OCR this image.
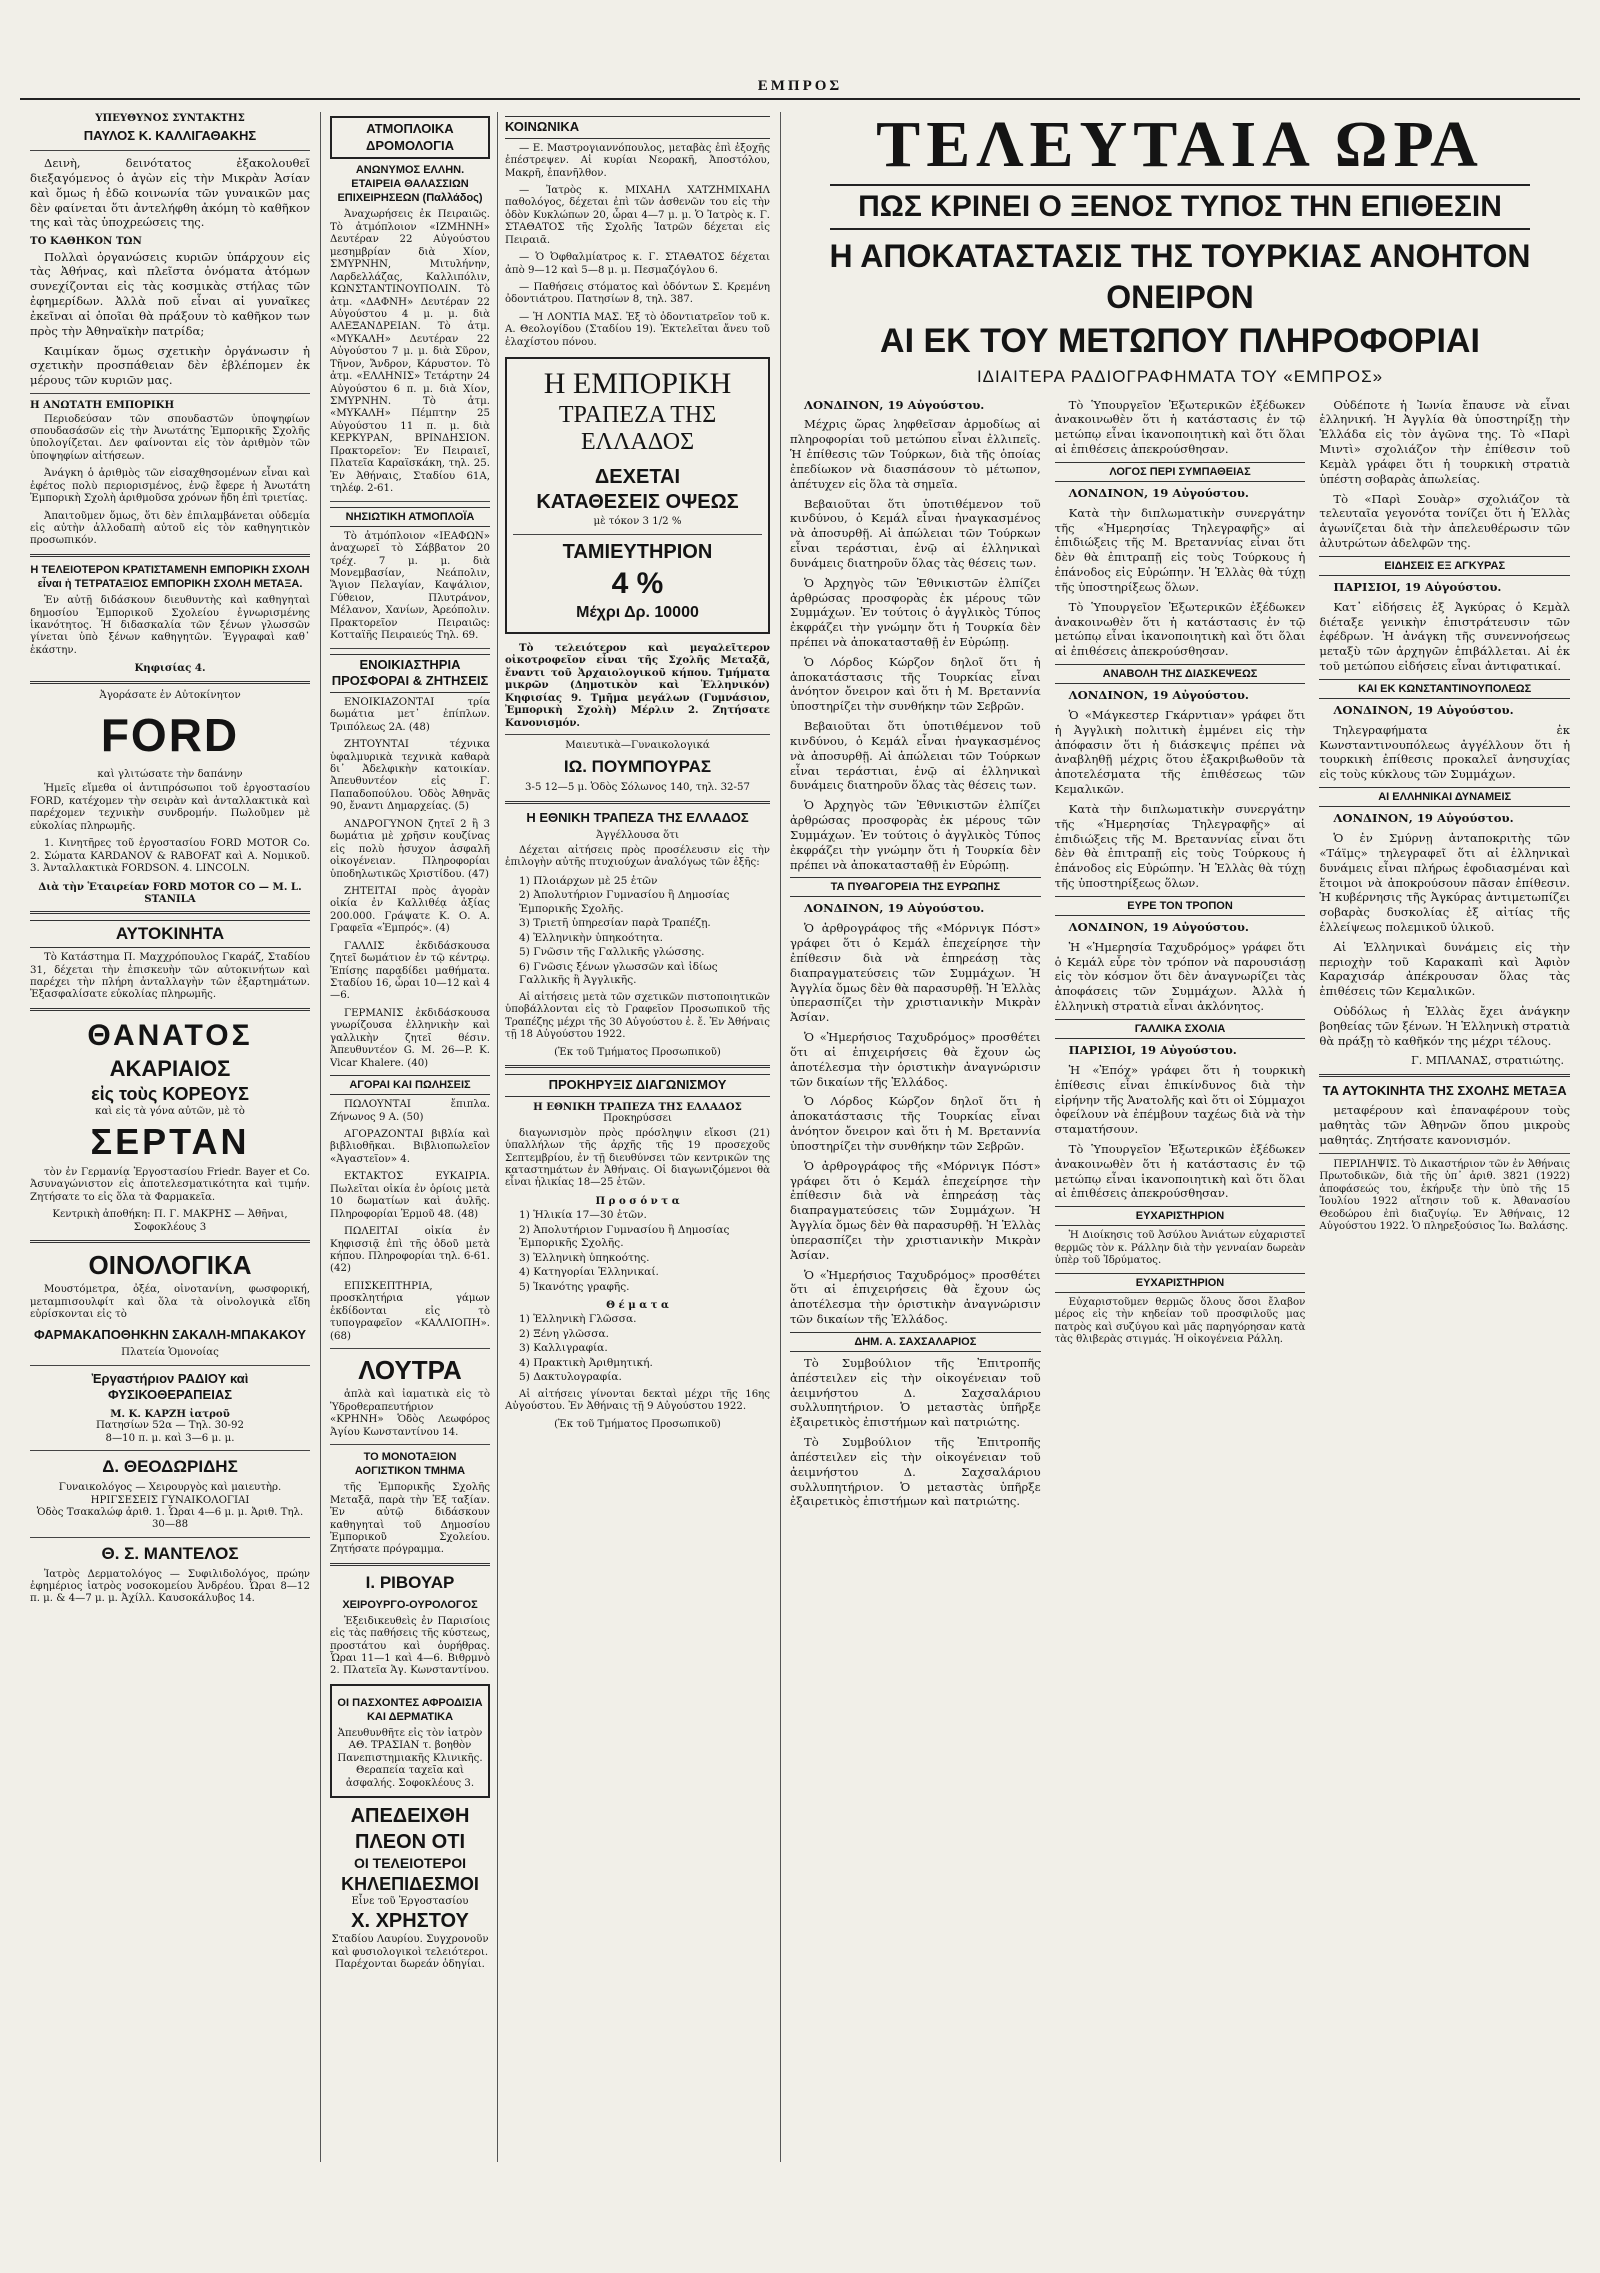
ΕΜΠΡΟΣ

ΥΠΕΥΘΥΝΟΣ ΣΥΝΤΑΚΤΗΣ

ΠΑΥΛΟΣ Κ. ΚΑΛΛΙΓΑΘΑΚΗΣ

Δεινὴ, δεινότατος ἐξακολουθεῖ διεξαγόμενος ὁ ἀγὼν εἰς τὴν Μικρὰν Ἀσίαν καὶ ὅμως ἡ ἐδῶ κοινωνία τῶν γυναικῶν μας δὲν φαίνεται ὅτι ἀντελήφθη ἀκόμη τὸ καθῆκον της καὶ τὰς ὑποχρεώσεις της.

ΤΟ ΚΑΘΗΚΟΝ ΤΩΝ

Πολλαὶ ὀργανώσεις κυριῶν ὑπάρχουν εἰς τὰς Ἀθήνας, καὶ πλεῖστα ὀνόματα ἀτόμων συνεχίζονται εἰς τὰς κοσμικὰς στήλας τῶν ἐφημερίδων. Ἀλλὰ ποῦ εἶναι αἱ γυναῖκες ἐκεῖναι αἱ ὁποῖαι θὰ πράξουν τὸ καθῆκον των πρὸς τὴν Ἀθηναϊκὴν πατρίδα;

Καιμίκαν ὅμως σχετικὴν ὀργάνωσιν ἡ σχετικὴν προσπάθειαν δὲν ἐβλέπομεν ἐκ μέρους τῶν κυριῶν μας.

Η ΑΝΩΤΑΤΗ ΕΜΠΟΡΙΚΗ

Περιοδεύσαν τῶν σπουδαστῶν ὑποψηφίων σπουδασάσῶν εἰς τὴν Ἀνωτάτης Ἐμπορικῆς Σχολῆς ὑπολογίζεται. Δεν φαίνονται εἰς τὸν ἀριθμὸν τῶν ὑποψηφίων αἰτήσεων.

Ἀνάγκη ὁ ἀριθμὸς τῶν εἰσαχθησομένων εἶναι καὶ ἐφέτος πολὺ περιορισμένος, ἐνῷ ἔφερε ἡ Ἀνωτάτη Ἐμπορικὴ Σχολὴ ἀριθμοῦσα χρόνων ἤδη ἐπὶ τριετίας.

Ἀπαιτοῦμεν ὅμως, ὅτι δὲν ἐπιλαμβάνεται οὐδεμία εἰς αὐτὴν ἀλλοδαπὴ αὐτοῦ εἰς τὸν καθηγητικὸν προσωπικόν.

Η ΤΕΛΕΙΟΤΕΡΟΝ ΚΡΑΤΙΣΤΑΜΕΝΗ ΕΜΠΟΡΙΚΗ ΣΧΟΛΗ εἶναι ἡ ΤΕΤΡΑΤΑΞΙΟΣ ΕΜΠΟΡΙΚΗ ΣΧΟΛΗ ΜΕΤΑΞΑ.

Ἐν αὐτῇ διδάσκουν διευθυντὴς καὶ καθηγηταὶ δημοσίου Ἐμπορικοῦ Σχολείου ἐγνωρισμένης ἱκανότητος. Ἡ διδασκαλία τῶν ξένων γλωσσῶν γίνεται ὑπὸ ξένων καθηγητῶν. Ἐγγραφαὶ καθ᾽ ἑκάστην.

Κηφισίας 4.

Ἀγοράσατε ἐν Αὐτοκίνητον

FORD

καὶ γλιτώσατε τὴν δαπάνην

Ἡμεῖς εἴμεθα οἱ ἀντιπρόσωποι τοῦ ἐργοστασίου FORD, κατέχομεν τὴν σειρὰν καὶ ἀνταλλακτικὰ καὶ παρέχομεν τεχνικὴν συνδρομήν. Πωλοῦμεν μὲ εὐκολίας πληρωμῆς.

1. Κινητῆρες τοῦ ἐργοστασίου FORD MOTOR Co. 2. Σώματα KARDANOV & RABOFAT καὶ Α. Νομικοῦ. 3. Ἀνταλλακτικὰ FORDSON. 4. LINCOLN.

Διὰ τὴν Ἑταιρείαν FORD MOTOR CO — Μ. L. STANILA

ΑΥΤΟΚΙΝΗΤΑ

Τὸ Κατάστημα Π. Μαχχρόπουλος Γκαράζ, Σταδίου 31, δέχεται τὴν ἐπισκευὴν τῶν αὐτοκινήτων καὶ παρέχει τὴν πλήρη ἀνταλλαγὴν τῶν ἐξαρτημάτων. Ἐξασφαλίσατε εὐκολίας πληρωμῆς.

ΘΑΝΑΤΟΣ

ΑΚΑΡΙΑΙΟΣ

εἰς τοὺς ΚΟΡΕΟΥΣ

καὶ εἰς τὰ γόνα αὐτῶν, μὲ τὸ

ΣΕΡΤΑΝ

τὸν ἐν Γερμανίᾳ Ἐργοστασίου Friedr. Bayer et Co. Ἀσυναγώνιστον εἰς ἀποτελεσματικότητα καὶ τιμήν. Ζητήσατε το εἰς ὅλα τὰ Φαρμακεῖα.

Κεντρικὴ ἀποθήκη: Π. Γ. ΜΑΚΡΗΣ — Ἀθῆναι, Σοφοκλέους 3

ΟΙΝΟΛΟΓΙΚΑ

Μουστόμετρα, ὀξέα, οἰνοτανίνη, φωσφορική, μεταμπισουλφίτ καὶ ὅλα τὰ οἰνολογικὰ εἴδη εὑρίσκονται εἰς τὸ

ΦΑΡΜΑΚΑΠΟΘΗΚΗΝ ΣΑΚΑΛΗ-ΜΠΑΚΑΚΟΥ

Πλατεία Ὁμονοίας

Ἐργαστήριον ΡΑΔΙΟΥ καὶ ΦΥΣΙΚΟΘΕΡΑΠΕΙΑΣ

Μ. Κ. ΚΑΡΖΗ ἰατροῦ

Πατησίων 52α — Τηλ. 30-92

8—10 π. μ. καὶ 3—6 μ. μ.

Δ. ΘΕΟΔΩΡΙΔΗΣ

Γυναικολόγος — Χειρουργὸς καὶ μαιευτὴρ. ΗΡΙΓΣΕΣΕΙΣ ΓΥΝΑΙΚΟΛΟΓΙΑΙ

Ὁδὸς Τσακαλώφ ἀριθ. 1. Ὧραι 4—6 μ. μ. Ἀριθ. Τηλ. 30—88

Θ. Σ. ΜΑΝΤΕΛΟΣ

Ἰατρὸς Δερματολόγος — Συφιλιδολόγος, πρώην ἐφημέριος ἰατρὸς νοσοκομείου Ἀνδρέου. Ὧραι 8—12 π. μ. & 4—7 μ. μ. Ἀχίλλ. Καυσοκάλυβος 14.

ΑΤΜΟΠΛΟΙΚΑ ΔΡΟΜΟΛΟΓΙΑ

ΑΝΩΝΥΜΟΣ ΕΛΛΗΝ. ΕΤΑΙΡΕΙΑ ΘΑΛΑΣΣΙΩΝ ΕΠΙΧΕΙΡΗΣΕΩΝ (Παλλάδος)

Ἀναχωρήσεις ἐκ Πειραιῶς. Τὸ ἀτμόπλοιον «ΙΖΜΗΝΗ» Δευτέραν 22 Αὐγούστου μεσημβρίαν διὰ Χίον, ΣΜΥΡΝΗΝ, Μιτυλήνην, Λαρδελλάζας, Καλλιπόλιν, ΚΩΝΣΤΑΝΤΙΝΟΥΠΟΛΙΝ. Τὸ ἀτμ. «ΔΑΦΝΗ» Δευτέραν 22 Αὐγούστου 4 μ. μ. διὰ ΑΛΕΞΑΝΔΡΕΙΑΝ. Τὸ ἀτμ. «ΜΥΚΑΛΗ» Δευτέραν 22 Αὐγούστου 7 μ. μ. διὰ Σῦρον, Τῆνον, Ἄνδρον, Κάρυστον. Τὸ ἀτμ. «ΕΛΛΗΝΙΣ» Τετάρτην 24 Αὐγούστου 6 π. μ. διὰ Χίον, ΣΜΥΡΝΗΝ. Τὸ ἀτμ. «ΜΥΚΑΛΗ» Πέμπτην 25 Αὐγούστου 11 π. μ. διὰ ΚΕΡΚΥΡΑΝ, ΒΡΙΝΔΗΣΙΟΝ. Πρακτορεῖον: Ἐν Πειραιεῖ, Πλατεῖα Καραϊσκάκη, τηλ. 25. Ἐν Ἀθήναις, Σταδίου 61Α, τηλέφ. 2-61.

ΝΗΣΙΩΤΙΚΗ ΑΤΜΟΠΛΟΪΑ

Τὸ ἀτμόπλοιον «ΙΕΑΦΩΝ» ἀναχωρεῖ τὸ Σάββατον 20 τρέχ. 7 μ. μ. διὰ Μονεμβασίαν, Νεάπολιν, Ἅγιον Πελαγίαν, Καψάλιον, Γύθειον, Πλυτράνον, Μέλανον, Χανίων, Ἀρεόπολιν. Πρακτορεῖον Πειραιῶς: Κοτταϊῆς Πειραιεύς Τηλ. 69.

ΕΝΟΙΚΙΑΣΤΗΡΙΑ ΠΡΟΣΦΟΡΑΙ & ΖΗΤΗΣΕΙΣ

ΕΝΟΙΚΙΑΖΟΝΤΑΙ τρία δωμάτια μετ᾽ ἐπίπλων. Τριπόλεως 2Α. (48)

ΖΗΤΟΥΝΤΑΙ τέχνικα ὑφαλμυρικὰ τεχνικὰ καθαρὰ δι᾽ Ἀδελφικὴν κατοικίαν. Ἀπευθυντέον εἰς Γ. Παπαδοπούλου. Ὁδὸς Ἀθηνᾶς 90, ἔναντι Δημαρχείας. (5)

ΑΝΔΡΟΓΥΝΟΝ ζητεῖ 2 ἢ 3 δωμάτια μὲ χρῆσιν κουζίνας εἰς πολὺ ἡσυχον ἀσφαλῆ οἰκογένειαν. Πληροφορίαι ὑποδηλωτικῶς Χριστίδου. (47)

ΖΗΤΕΙΤΑΙ πρὸς ἀγορὰν οἰκία ἐν Καλλιθέᾳ ἀξίας 200.000. Γράψατε Κ. Ο. Α. Γραφεῖα «Ἐμπρός». (4)

ΓΑΛΛΙΣ ἐκδιδάσκουσα ζητεῖ δωμάτιον ἐν τῷ κέντρῳ. Ἐπίσης παραδίδει μαθήματα. Σταδίου 16, ὧραι 10—12 καὶ 4—6.

ΓΕΡΜΑΝΙΣ ἐκδιδάσκουσα γνωρίζουσα ἑλληνικὴν καὶ γαλλικὴν ζητεῖ θέσιν. Ἀπευθυντέον G. M. 26—P. K. Vicar Khalere. (40)

ΑΓΟΡΑΙ ΚΑΙ ΠΩΛΗΣΕΙΣ

ΠΩΛΟΥΝΤΑΙ ἔπιπλα. Ζήνωνος 9 Α. (50)

ΑΓΟΡΑΖΟΝΤΑΙ βιβλία καὶ βιβλιοθῆκαι. Βιβλιοπωλεῖον «Ἀγαστεῖον» 4.

ΕΚΤΑΚΤΟΣ ΕΥΚΑΙΡΙΑ. Πωλεῖται οἰκία ἐν ὁρίοις μετὰ 10 δωματίων καὶ ἀυλῆς. Πληροφορίαι Ἐρμοῦ 48. (48)

ΠΩΛΕΙΤΑΙ οἰκία ἐν Κηφισσιᾷ ἐπὶ τῆς ὁδοῦ μετὰ κήπου. Πληροφορίαι τηλ. 6-61. (42)

ΕΠΙΣΚΕΠΤΗΡΙΑ, προσκλητήρια γάμων ἐκδίδονται εἰς τὸ τυπογραφεῖον «ΚΑΛΛΙΟΠΗ». (68)

ΛΟΥΤΡΑ

ἁπλὰ καὶ ἰαματικὰ εἰς τὸ Ὑδροθεραπευτήριον «ΚΡΗΝΗ» Ὁδὸς Λεωφόρος Ἀγίου Κωνσταντίνου 14.

ΤΟ ΜΟΝΟΤΑΞΙΟΝ ΑΟΓΙΣΤΙΚΟΝ ΤΜΗΜΑ

τῆς Ἐμπορικῆς Σχολῆς Μεταξᾶ, παρὰ τὴν Ἐξ ταξίαν. Ἐν αὐτῷ διδάσκουν καθηγηταὶ τοῦ Δημοσίου Ἐμπορικοῦ Σχολείου. Ζητήσατε πρόγραμμα.

Ι. ΡΙΒΟΥΑΡ

ΧΕΙΡΟΥΡΓΟ-ΟΥΡΟΛΟΓΟΣ

Ἐξειδικευθεὶς ἐν Παρισίοις εἰς τὰς παθήσεις τῆς κύστεως, προστάτου καὶ ὀυρήθρας. Ὧραι 11—1 καὶ 4—6. Βιθρμνὸ 2. Πλατεῖα Ἁγ. Κωνσταντίνου.

ΟΙ ΠΑΣΧΟΝΤΕΣ ΑΦΡΟΔΙΣΙΑ ΚΑΙ ΔΕΡΜΑΤΙΚΑ

Ἀπευθυνθῆτε εἰς τὸν ἰατρὸν ΑΘ. ΤΡΑΣΙΑΝ τ. βοηθὸν Πανεπιστημιακῆς Κλινικῆς. Θεραπεία ταχεῖα καὶ ἀσφαλής. Σοφοκλέους 3.

ΑΠΕΔΕΙΧΘΗ

ΠΛΕΟΝ ΟΤΙ

ΟΙ ΤΕΛΕΙΟΤΕΡΟΙ

ΚΗΛΕΠΙΔΕΣΜΟΙ

Εἶνε τοῦ Ἐργοστασίου

Χ. ΧΡΗΣΤΟΥ

Σταδίου Λαυρίου. Συγχρονοῦν καὶ φυσιολογικοὶ τελειότεροι. Παρέχονται δωρεάν ὁδηγίαι.

ΚΟΙΝΩΝΙΚΑ

— Ε. Μαστρογιαννόπουλος, μεταβὰς ἐπὶ ἐξοχῆς ἐπέστρεψεν. Αἱ κυρίαι Νεορακῆ, Ἀποστόλου, Μακρῆ, ἐπανῆλθον.

— Ἰατρὸς κ. ΜΙΧΑΗΛ ΧΑΤΖΗΜΙΧΑΗΛ παθολόγος, δέχεται ἐπὶ τῶν ἀσθενῶν του εἰς τὴν ὁδὸν Κυκλώπων 20, ὧραι 4—7 μ. μ. Ὁ Ἰατρὸς κ. Γ. ΣΤΑΘΑΤΟΣ τῆς Σχολῆς Ἰατρῶν δέχεται εἰς Πειραιᾶ.

— Ὁ Ὀφθαλμίατρος κ. Γ. ΣΤΑΘΑΤΟΣ δέχεται ἀπὸ 9—12 καὶ 5—8 μ. μ. Πεσμαζόγλου 6.

— Παθήσεις στόματος καὶ ὀδόντων Σ. Κρεμένη ὀδοντιάτρου. Πατησίων 8, τηλ. 387.

— Ἡ ΛΟΝΤΙΑ ΜΑΣ. Ἐξ τὸ ὀδοντιατρεῖον τοῦ κ. Α. Θεολογίδου (Σταδίου 19). Ἐκτελεῖται ἄνευ τοῦ ἐλαχίστου πόνου.

Η ΕΜΠΟΡΙΚΗ
ΤΡΑΠΕΖΑ ΤΗΣ ΕΛΛΑΔΟΣ
ΔΕΧΕΤΑΙ
ΚΑΤΑΘΕΣΕΙΣ ΟΨΕΩΣ
μὲ τόκον 3 1/2 %
ΤΑΜΙΕΥΤΗΡΙΟΝ
4 %
Μέχρι Δρ. 10000

Τὸ τελειότερον καὶ μεγαλεῖτερον οἰκοτροφεῖον εἶναι τῆς Σχολῆς Μεταξᾶ, ἔναντι τοῦ Ἀρχαιολογικοῦ κήπου. Τμήματα μικρῶν (Δημοτικὸν καὶ Ἑλληνικόν) Κηφισίας 9. Τμῆμα μεγάλων (Γυμνάσιον, Ἐμπορικὴ Σχολὴ) Μέρλιν 2. Ζητήσατε Κανονισμόν.

Μαιευτικὰ—Γυναικολογικά

ΙΩ. ΠΟΥΜΠΟΥΡΑΣ

3-5 12—5 μ. Ὁδὸς Σόλωνος 140, τηλ. 32-57

Η ΕΘΝΙΚΗ ΤΡΑΠΕΖΑ ΤΗΣ ΕΛΛΑΔΟΣ

Ἀγγέλλουσα ὅτι

Δέχεται αἰτήσεις πρὸς προσέλευσιν εἰς τὴν ἐπιλογὴν αὐτῆς πτυχιούχων ἀναλόγως τῶν ἑξῆς:

1) Πλοιάρχων μὲ 25 ἐτῶν
2) Ἀπολυτήριον Γυμνασίου ἢ Δημοσίας Ἐμπορικῆς Σχολῆς.
3) Τριετῆ ὑπηρεσίαν παρὰ Τραπέζῃ.
4) Ἑλληνικὴν ὑπηκοότητα.
5) Γνῶσιν τῆς Γαλλικῆς γλώσσης.
6) Γνῶσις ξένων γλωσσῶν καὶ ἰδίως Γαλλικῆς ἢ Ἀγγλικῆς.

Αἱ αἰτήσεις μετὰ τῶν σχετικῶν πιστοποιητικῶν ὑποβάλλονται εἰς τὸ Γραφεῖον Προσωπικοῦ τῆς Τραπέζης μέχρι τῆς 30 Αὐγούστου ἐ. ἔ. Ἐν Ἀθήναις τῇ 18 Αὐγούστου 1922.

(Ἐκ τοῦ Τμήματος Προσωπικοῦ)

ΠΡΟΚΗΡΥΞΙΣ ΔΙΑΓΩΝΙΣΜΟΥ

Η ΕΘΝΙΚΗ ΤΡΑΠΕΖΑ ΤΗΣ ΕΛΛΑΔΟΣ

Προκηρύσσει

διαγωνισμὸν πρὸς πρόσληψιν εἴκοσι (21) ὑπαλλήλων τῆς ἀρχῆς τῆς 19 προσεχοῦς Σεπτεμβρίου, ἐν τῇ διευθύνσει τῶν κεντρικῶν της καταστημάτων ἐν Ἀθήναις. Οἱ διαγωνιζόμενοι θὰ εἶναι ἡλικίας 18—25 ἐτῶν.

Π ρ ο σ ό ν τ α

1) Ἡλικία 17—30 ἐτῶν.
2) Ἀπολυτήριον Γυμνασίου ἢ Δημοσίας Ἐμπορικῆς Σχολῆς.
3) Ἑλληνικὴ ὑπηκοότης.
4) Κατηγορίαι Ἑλληνικαί.
5) Ἱκανότης γραφῆς.

Θ έ μ α τ α

1) Ἑλληνικὴ Γλῶσσα.
2) Ξένη γλῶσσα.
3) Καλλιγραφία.
4) Πρακτικὴ Ἀριθμητική.
5) Δακτυλογραφία.

Αἱ αἰτήσεις γίνονται δεκταὶ μέχρι τῆς 16ης Αὐγούστου. Ἐν Ἀθήναις τῇ 9 Αὐγούστου 1922.

(Ἐκ τοῦ Τμήματος Προσωπικοῦ)

ΤΕΛΕΥΤΑΙΑ ΩΡΑ
ΠΩΣ ΚΡΙΝΕΙ Ο ΞΕΝΟΣ ΤΥΠΟΣ ΤΗΝ ΕΠΙΘΕΣΙΝ

Η ΑΠΟΚΑΤΑΣΤΑΣΙΣ ΤΗΣ ΤΟΥΡΚΙΑΣ ΑΝΟΗΤΟΝ ΟΝΕΙΡΟΝ

ΑΙ ΕΚ ΤΟΥ ΜΕΤΩΠΟΥ ΠΛΗΡΟΦΟΡΙΑΙ

ΙΔΙΑΙΤΕΡΑ ΡΑΔΙΟΓΡΑΦΗΜΑΤΑ ΤΟΥ «ΕΜΠΡΟΣ»

ΛΟΝΔΙΝΟΝ, 19 Αὐγούστου.

Μέχρις ὥρας ληφθεῖσαν ἀρμοδίως αἱ πληροφορίαι τοῦ μετώπου εἶναι ἐλλιπεῖς. Ἡ ἐπίθεσις τῶν Τούρκων, διὰ τῆς ὁποίας ἐπεδίωκον νὰ διασπάσουν τὸ μέτωπον, ἀπέτυχεν εἰς ὅλα τὰ σημεῖα.

Βεβαιοῦται ὅτι ὑποτιθέμενον τοῦ κινδύνου, ὁ Κεμάλ εἶναι ἠναγκασμένος νὰ ἀποσυρθῇ. Αἱ ἀπώλειαι τῶν Τούρκων εἶναι τεράστιαι, ἐνῷ αἱ ἑλληνικαὶ δυνάμεις διατηροῦν ὅλας τὰς θέσεις των.

Ὁ Ἀρχηγὸς τῶν Ἐθνικιστῶν ἐλπίζει ἀρθρώσας προσφορὰς ἐκ μέρους τῶν Συμμάχων. Ἐν τούτοις ὁ ἀγγλικὸς Τύπος ἐκφράζει τὴν γνώμην ὅτι ἡ Τουρκία δὲν πρέπει νὰ ἀποκατασταθῇ ἐν Εὐρώπῃ.

Ὁ Λόρδος Κώρζον δηλοῖ ὅτι ἡ ἀποκατάστασις τῆς Τουρκίας εἶναι ἀνόητον ὄνειρον καὶ ὅτι ἡ Μ. Βρεταννία ὑποστηρίζει τὴν συνθήκην τῶν Σεβρῶν.

Βεβαιοῦται ὅτι ὑποτιθέμενον τοῦ κινδύνου, ὁ Κεμάλ εἶναι ἠναγκασμένος νὰ ἀποσυρθῇ. Αἱ ἀπώλειαι τῶν Τούρκων εἶναι τεράστιαι, ἐνῷ αἱ ἑλληνικαὶ δυνάμεις διατηροῦν ὅλας τὰς θέσεις των.

Ὁ Ἀρχηγὸς τῶν Ἐθνικιστῶν ἐλπίζει ἀρθρώσας προσφορὰς ἐκ μέρους τῶν Συμμάχων. Ἐν τούτοις ὁ ἀγγλικὸς Τύπος ἐκφράζει τὴν γνώμην ὅτι ἡ Τουρκία δὲν πρέπει νὰ ἀποκατασταθῇ ἐν Εὐρώπῃ.

ΤΑ ΠΥΘΑΓΟΡΕΙΑ ΤΗΣ ΕΥΡΩΠΗΣ

ΛΟΝΔΙΝΟΝ, 19 Αὐγούστου.

Ὁ ἀρθρογράφος τῆς «Μόρνιγκ Πόστ» γράφει ὅτι ὁ Κεμάλ ἐπεχείρησε τὴν ἐπίθεσιν διὰ νὰ ἐπηρεάσῃ τὰς διαπραγματεύσεις τῶν Συμμάχων. Ἡ Ἀγγλία ὅμως δὲν θὰ παρασυρθῇ. Ἡ Ἑλλὰς ὑπερασπίζει τὴν χριστιανικὴν Μικρὰν Ἀσίαν.

Ὁ «Ἡμερήσιος Ταχυδρόμος» προσθέτει ὅτι αἱ ἐπιχειρήσεις θὰ ἔχουν ὡς ἀποτέλεσμα τὴν ὁριστικὴν ἀναγνώρισιν τῶν δικαίων τῆς Ἑλλάδος.

Ὁ Λόρδος Κώρζον δηλοῖ ὅτι ἡ ἀποκατάστασις τῆς Τουρκίας εἶναι ἀνόητον ὄνειρον καὶ ὅτι ἡ Μ. Βρεταννία ὑποστηρίζει τὴν συνθήκην τῶν Σεβρῶν.

Ὁ ἀρθρογράφος τῆς «Μόρνιγκ Πόστ» γράφει ὅτι ὁ Κεμάλ ἐπεχείρησε τὴν ἐπίθεσιν διὰ νὰ ἐπηρεάσῃ τὰς διαπραγματεύσεις τῶν Συμμάχων. Ἡ Ἀγγλία ὅμως δὲν θὰ παρασυρθῇ. Ἡ Ἑλλὰς ὑπερασπίζει τὴν χριστιανικὴν Μικρὰν Ἀσίαν.

Ὁ «Ἡμερήσιος Ταχυδρόμος» προσθέτει ὅτι αἱ ἐπιχειρήσεις θὰ ἔχουν ὡς ἀποτέλεσμα τὴν ὁριστικὴν ἀναγνώρισιν τῶν δικαίων τῆς Ἑλλάδος.

ΔΗΜ. Α. ΣΑΧΣΑΛΑΡΙΟΣ

Τὸ Συμβούλιον τῆς Ἐπιτροπῆς ἀπέστειλεν εἰς τὴν οἰκογένειαν τοῦ ἀειμνήστου Δ. Σαχσαλάριου συλλυπητήριον. Ὁ μεταστὰς ὑπῆρξε ἐξαιρετικὸς ἐπιστήμων καὶ πατριώτης.

Τὸ Συμβούλιον τῆς Ἐπιτροπῆς ἀπέστειλεν εἰς τὴν οἰκογένειαν τοῦ ἀειμνήστου Δ. Σαχσαλάριου συλλυπητήριον. Ὁ μεταστὰς ὑπῆρξε ἐξαιρετικὸς ἐπιστήμων καὶ πατριώτης.

Τὸ Ὑπουργεῖον Ἐξωτερικῶν ἐξέδωκεν ἀνακοινωθὲν ὅτι ἡ κατάστασις ἐν τῷ μετώπῳ εἶναι ἱκανοποιητικὴ καὶ ὅτι ὅλαι αἱ ἐπιθέσεις ἀπεκρούσθησαν.

ΛΟΓΟΣ ΠΕΡΙ ΣΥΜΠΑΘΕΙΑΣ

ΛΟΝΔΙΝΟΝ, 19 Αὐγούστου.

Κατὰ τὴν διπλωματικὴν συνεργάτην τῆς «Ἡμερησίας Τηλεγραφῆς» αἱ ἐπιδιώξεις τῆς Μ. Βρεταννίας εἶναι ὅτι δὲν θὰ ἐπιτραπῇ εἰς τοὺς Τούρκους ἡ ἐπάνοδος εἰς Εὐρώπην. Ἡ Ἑλλὰς θὰ τύχῃ τῆς ὑποστηρίξεως ὅλων.

Τὸ Ὑπουργεῖον Ἐξωτερικῶν ἐξέδωκεν ἀνακοινωθὲν ὅτι ἡ κατάστασις ἐν τῷ μετώπῳ εἶναι ἱκανοποιητικὴ καὶ ὅτι ὅλαι αἱ ἐπιθέσεις ἀπεκρούσθησαν.

ΑΝΑΒΟΛΗ ΤΗΣ ΔΙΑΣΚΕΨΕΩΣ

ΛΟΝΔΙΝΟΝ, 19 Αὐγούστου.

Ὁ «Μάγκεστερ Γκάρντιαν» γράφει ὅτι ἡ Ἀγγλικὴ πολιτικὴ ἐμμένει εἰς τὴν ἀπόφασιν ὅτι ἡ διάσκεψις πρέπει νὰ ἀναβληθῇ μέχρις ὅτου ἐξακριβωθοῦν τὰ ἀποτελέσματα τῆς ἐπιθέσεως τῶν Κεμαλικῶν.

Κατὰ τὴν διπλωματικὴν συνεργάτην τῆς «Ἡμερησίας Τηλεγραφῆς» αἱ ἐπιδιώξεις τῆς Μ. Βρεταννίας εἶναι ὅτι δὲν θὰ ἐπιτραπῇ εἰς τοὺς Τούρκους ἡ ἐπάνοδος εἰς Εὐρώπην. Ἡ Ἑλλὰς θὰ τύχῃ τῆς ὑποστηρίξεως ὅλων.

ΕΥΡΕ ΤΟΝ ΤΡΟΠΟΝ

ΛΟΝΔΙΝΟΝ, 19 Αὐγούστου.

Ἡ «Ἡμερησία Ταχυδρόμος» γράφει ὅτι ὁ Κεμάλ εὗρε τὸν τρόπον νὰ παρουσιάσῃ εἰς τὸν κόσμον ὅτι δὲν ἀναγνωρίζει τὰς ἀποφάσεις τῶν Συμμάχων. Ἀλλὰ ἡ ἑλληνικὴ στρατιὰ εἶναι ἀκλόνητος.

ΓΑΛΛΙΚΑ ΣΧΟΛΙΑ

ΠΑΡΙΣΙΟΙ, 19 Αὐγούστου.

Ἡ «Ἐπόχ» γράφει ὅτι ἡ τουρκικὴ ἐπίθεσις εἶναι ἐπικίνδυνος διὰ τὴν εἰρήνην τῆς Ἀνατολῆς καὶ ὅτι οἱ Σύμμαχοι ὀφείλουν νὰ ἐπέμβουν ταχέως διὰ νὰ τὴν σταματήσουν.

Τὸ Ὑπουργεῖον Ἐξωτερικῶν ἐξέδωκεν ἀνακοινωθὲν ὅτι ἡ κατάστασις ἐν τῷ μετώπῳ εἶναι ἱκανοποιητικὴ καὶ ὅτι ὅλαι αἱ ἐπιθέσεις ἀπεκρούσθησαν.

ΕΥΧΑΡΙΣΤΗΡΙΟΝ

Ἡ Διοίκησις τοῦ Ἀσύλου Ἀνιάτων εὐχαριστεῖ θερμῶς τὸν κ. Ράλλην διὰ τὴν γενναίαν δωρεὰν ὑπὲρ τοῦ Ἱδρύματος.

ΕΥΧΑΡΙΣΤΗΡΙΟΝ

Εὐχαριστοῦμεν θερμῶς ὅλους ὅσοι ἔλαβον μέρος εἰς τὴν κηδείαν τοῦ προσφιλοῦς μας πατρὸς καὶ συζύγου καὶ μᾶς παρηγόρησαν κατὰ τὰς θλιβερὰς στιγμάς. Ἡ οἰκογένεια Ράλλη.

Οὐδέποτε ἡ Ἰωνία ἔπαυσε νὰ εἶναι ἑλληνική. Ἡ Ἀγγλία θὰ ὑποστηρίξῃ τὴν Ἑλλάδα εἰς τὸν ἀγῶνα της. Τὸ «Παρὶ Μιντὶ» σχολιάζον τὴν ἐπίθεσιν τοῦ Κεμὰλ γράφει ὅτι ἡ τουρκικὴ στρατιὰ ὑπέστη σοβαρὰς ἀπωλείας.

Τὸ «Παρὶ Σουὰρ» σχολιάζον τὰ τελευταῖα γεγονότα τονίζει ὅτι ἡ Ἑλλὰς ἀγωνίζεται διὰ τὴν ἀπελευθέρωσιν τῶν ἀλυτρώτων ἀδελφῶν της.

ΕΙΔΗΣΕΙΣ ΕΞ ΑΓΚΥΡΑΣ

ΠΑΡΙΣΙΟΙ, 19 Αὐγούστου.

Κατ᾽ εἰδήσεις ἐξ Ἀγκύρας ὁ Κεμὰλ διέταξε γενικὴν ἐπιστράτευσιν τῶν ἐφέδρων. Ἡ ἀνάγκη τῆς συνεννοήσεως μεταξὺ τῶν ἀρχηγῶν ἐπιβάλλεται. Αἱ ἐκ τοῦ μετώπου εἰδήσεις εἶναι ἀντιφατικαί.

ΚΑΙ ΕΚ ΚΩΝΣΤΑΝΤΙΝΟΥΠΟΛΕΩΣ

ΛΟΝΔΙΝΟΝ, 19 Αὐγούστου.

Τηλεγραφήματα ἐκ Κωνσταντινουπόλεως ἀγγέλλουν ὅτι ἡ τουρκικὴ ἐπίθεσις προκαλεῖ ἀνησυχίας εἰς τοὺς κύκλους τῶν Συμμάχων.

ΑΙ ΕΛΛΗΝΙΚΑΙ ΔΥΝΑΜΕΙΣ

ΛΟΝΔΙΝΟΝ, 19 Αὐγούστου.

Ὁ ἐν Σμύρνῃ ἀνταποκριτὴς τῶν «Τάϊμς» τηλεγραφεῖ ὅτι αἱ ἑλληνικαὶ δυνάμεις εἶναι πλήρως ἐφοδιασμέναι καὶ ἕτοιμοι νὰ ἀποκρούσουν πᾶσαν ἐπίθεσιν. Ἡ κυβέρνησις τῆς Ἀγκύρας ἀντιμετωπίζει σοβαρὰς δυσκολίας ἐξ αἰτίας τῆς ἐλλείψεως πολεμικοῦ ὑλικοῦ.

Αἱ Ἑλληνικαὶ δυνάμεις εἰς τὴν περιοχὴν τοῦ Καρακαπὶ καὶ Ἀφιὸν Καραχισάρ ἀπέκρουσαν ὅλας τὰς ἐπιθέσεις τῶν Κεμαλικῶν.

Οὐδόλως ἡ Ἑλλὰς ἔχει ἀνάγκην βοηθείας τῶν ξένων. Ἡ Ἑλληνικὴ στρατιὰ θὰ πράξῃ τὸ καθῆκόν της μέχρι τέλους.

Γ. ΜΠΛΑΝΑΣ, στρατιώτης.

ΤΑ ΑΥΤΟΚΙΝΗΤΑ ΤΗΣ ΣΧΟΛΗΣ ΜΕΤΑΞΑ

μεταφέρουν καὶ ἐπαναφέρουν τοὺς μαθητὰς τῶν Ἀθηνῶν ὅπου μικροὺς μαθητάς. Ζητήσατε κανονισμόν.

ΠΕΡΙΛΗΨΙΣ. Τὸ Δικαστήριον τῶν ἐν Ἀθήναις Πρωτοδικῶν, διὰ τῆς ὑπ᾽ ἀριθ. 3821 (1922) ἀποφάσεώς του, ἐκήρυξε τὴν ὑπὸ τῆς 15 Ἰουλίου 1922 αἴτησιν τοῦ κ. Ἀθανασίου Θεοδώρου ἐπὶ διαζυγίῳ. Ἐν Ἀθήναις, 12 Αὐγούστου 1922. Ὁ πληρεξούσιος Ἰω. Βαλάσης.
